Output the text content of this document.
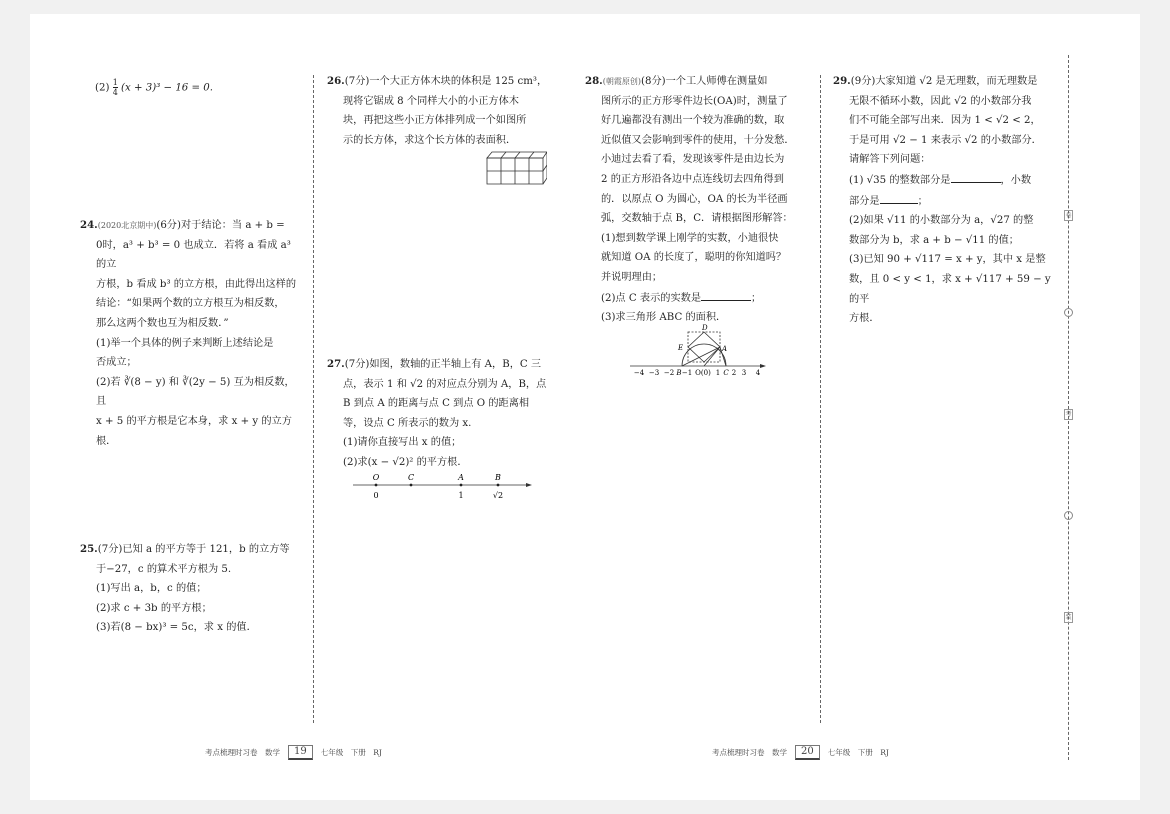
$(2) \frac{1}{4} (x + 3)^3 - 16 = 0$.

24.(2020北京期中)(6分)对于结论：当 a + b =

0时，a³ + b³ = 0 也成立．若将 a 看成 a³ 的立

方根，b 看成 b³ 的立方根，由此得出这样的

结论：“如果两个数的立方根互为相反数，

那么这两个数也互为相反数．”

(1)举一个具体的例子来判断上述结论是

否成立；

(2)若 ∛(8 − y) 和 ∛(2y − 5) 互为相反数，且

x + 5 的平方根是它本身，求 x + y 的立方根．

25.(7分)已知 a 的平方等于 121，b 的立方等

于−27，c 的算术平方根为 5.

(1)写出 a，b，c 的值；

(2)求 c + 3b 的平方根；

(3)若(8 − bx)³ = 5c，求 x 的值．

26.(7分)一个大正方体木块的体积是 125 cm³，

现将它锯成 8 个同样大小的小正方体木

块，再把这些小正方体排列成一个如图所

示的长方体，求这个长方体的表面积．

27.(7分)如图，数轴的正半轴上有 A，B，C 三

点，表示 1 和 √2 的对应点分别为 A，B，点

B 到点 A 的距离与点 C 到点 O 的距离相

等，设点 C 所表示的数为 x.

(1)请你直接写出 x 的值；

(2)求(x − √2)² 的平方根．

O	C	A	B
0	1	√2

28.(朝霞原创)(8分)一个工人师傅在测量如

图所示的正方形零件边长(OA)时，测量了

好几遍都没有测出一个较为准确的数，取

近似值又会影响到零件的使用，十分发愁．

小迪过去看了看，发现该零件是由边长为

2 的正方形沿各边中点连线切去四角得到

的．以原点 O 为圆心，OA 的长为半径画

弧，交数轴于点 B，C．请根据图形解答：

(1)想到数学课上刚学的实数，小迪很快

就知道 OA 的长度了，聪明的你知道吗？

并说明理由；

(2)点 C 表示的实数是	；

(3)求三角形 ABC 的面积．

D
E	A
−4 −3 −2 B −1 O(0) 1 C 2 3 4

29.(9分)大家知道 √2 是无理数，而无理数是

无限不循环小数，因此 √2 的小数部分我

们不可能全部写出来．因为 1 < √2 < 2，

于是可用 √2 − 1 来表示 √2 的小数部分．

请解答下列问题：

(1) √35 的整数部分是	，小数

部分是	；

(2)如果 √11 的小数部分为 a，√27 的整

数部分为 b，求 a + b − √11 的值；

(3)已知 90 + √117 = x + y，其中 x 是整

数，且 0 < y < 1，求 x + √117 + 59 − y 的平

方根．

卷
考
装
考点梳理时习卷　数学	19	七年级　下册　RJ	考点梳理时习卷　数学	20	七年级　下册　RJ
